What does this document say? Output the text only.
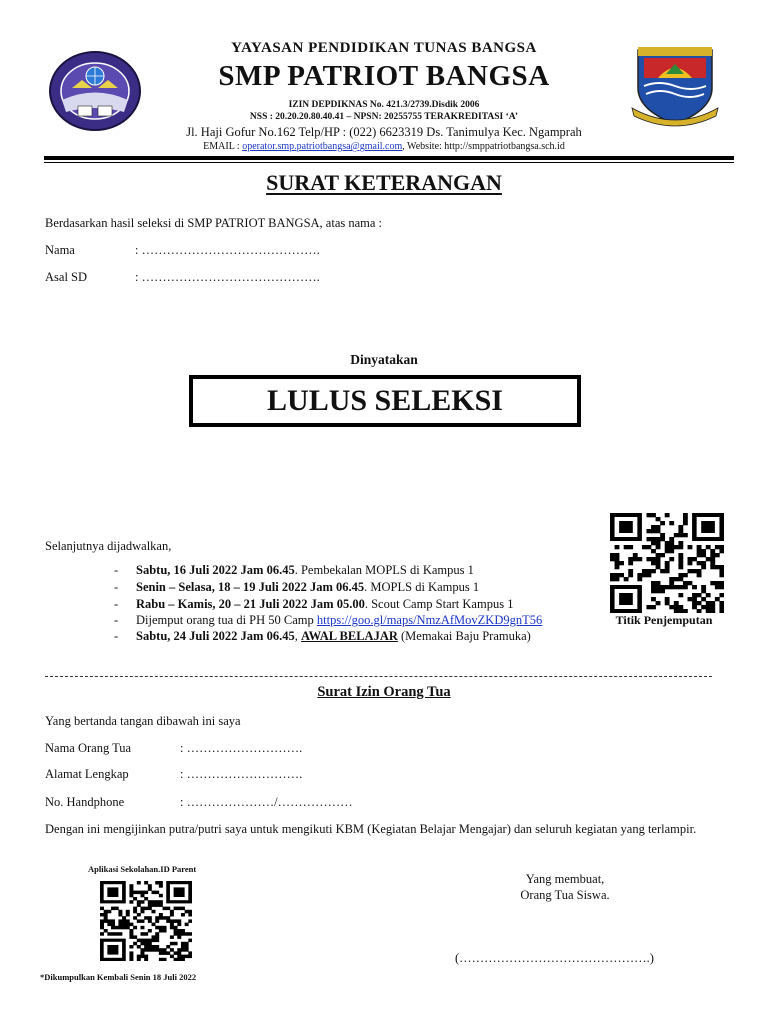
YAYASAN PENDIDIKAN TUNAS BANGSA
SMP PATRIOT BANGSA
IZIN DEPDIKNAS No. 421.3/2739.Disdik 2006
NSS : 20.20.20.80.40.41 – NPSN: 20255755 TERAKREDITASI ‘A’
Jl. Haji Gofur No.162 Telp/HP : (022) 6623319 Ds. Tanimulya Kec. Ngamprah
EMAIL : operator.smp.patriotbangsa@gmail.com, Website: http://smppatriotbangsa.sch.id
SURAT KETERANGAN
Berdasarkan hasil seleksi di SMP PATRIOT BANGSA, atas nama :
Nama	: …………………………………….
Asal SD	: …………………………………….
Dinyatakan
LULUS SELEKSI
Selanjutnya dijadwalkan,
- Sabtu, 16 Juli 2022 Jam 06.45. Pembekalan MOPLS di Kampus 1
- Senin – Selasa, 18 – 19 Juli 2022 Jam 06.45. MOPLS di Kampus 1
- Rabu – Kamis, 20 – 21 Juli 2022 Jam 05.00. Scout Camp Start Kampus 1
- Dijemput orang tua di PH 50 Camp https://goo.gl/maps/NmzAfMovZKD9gnT56
- Sabtu, 24 Juli 2022 Jam 06.45, AWAL BELAJAR (Memakai Baju Pramuka)
Titik Penjemputan
Surat Izin Orang Tua
Yang bertanda tangan dibawah ini saya
Nama Orang Tua	: ……………………….
Alamat Lengkap	: ……………………….
No. Handphone	: …………………/………………
Dengan ini mengijinkan putra/putri saya untuk mengikuti KBM (Kegiatan Belajar Mengajar) dan seluruh kegiatan yang terlampir.
Aplikasi Sekolahan.ID Parent
*Dikumpulkan Kembali Senin 18 Juli 2022
Yang membuat,
Orang Tua Siswa.
(……………………………………….)
